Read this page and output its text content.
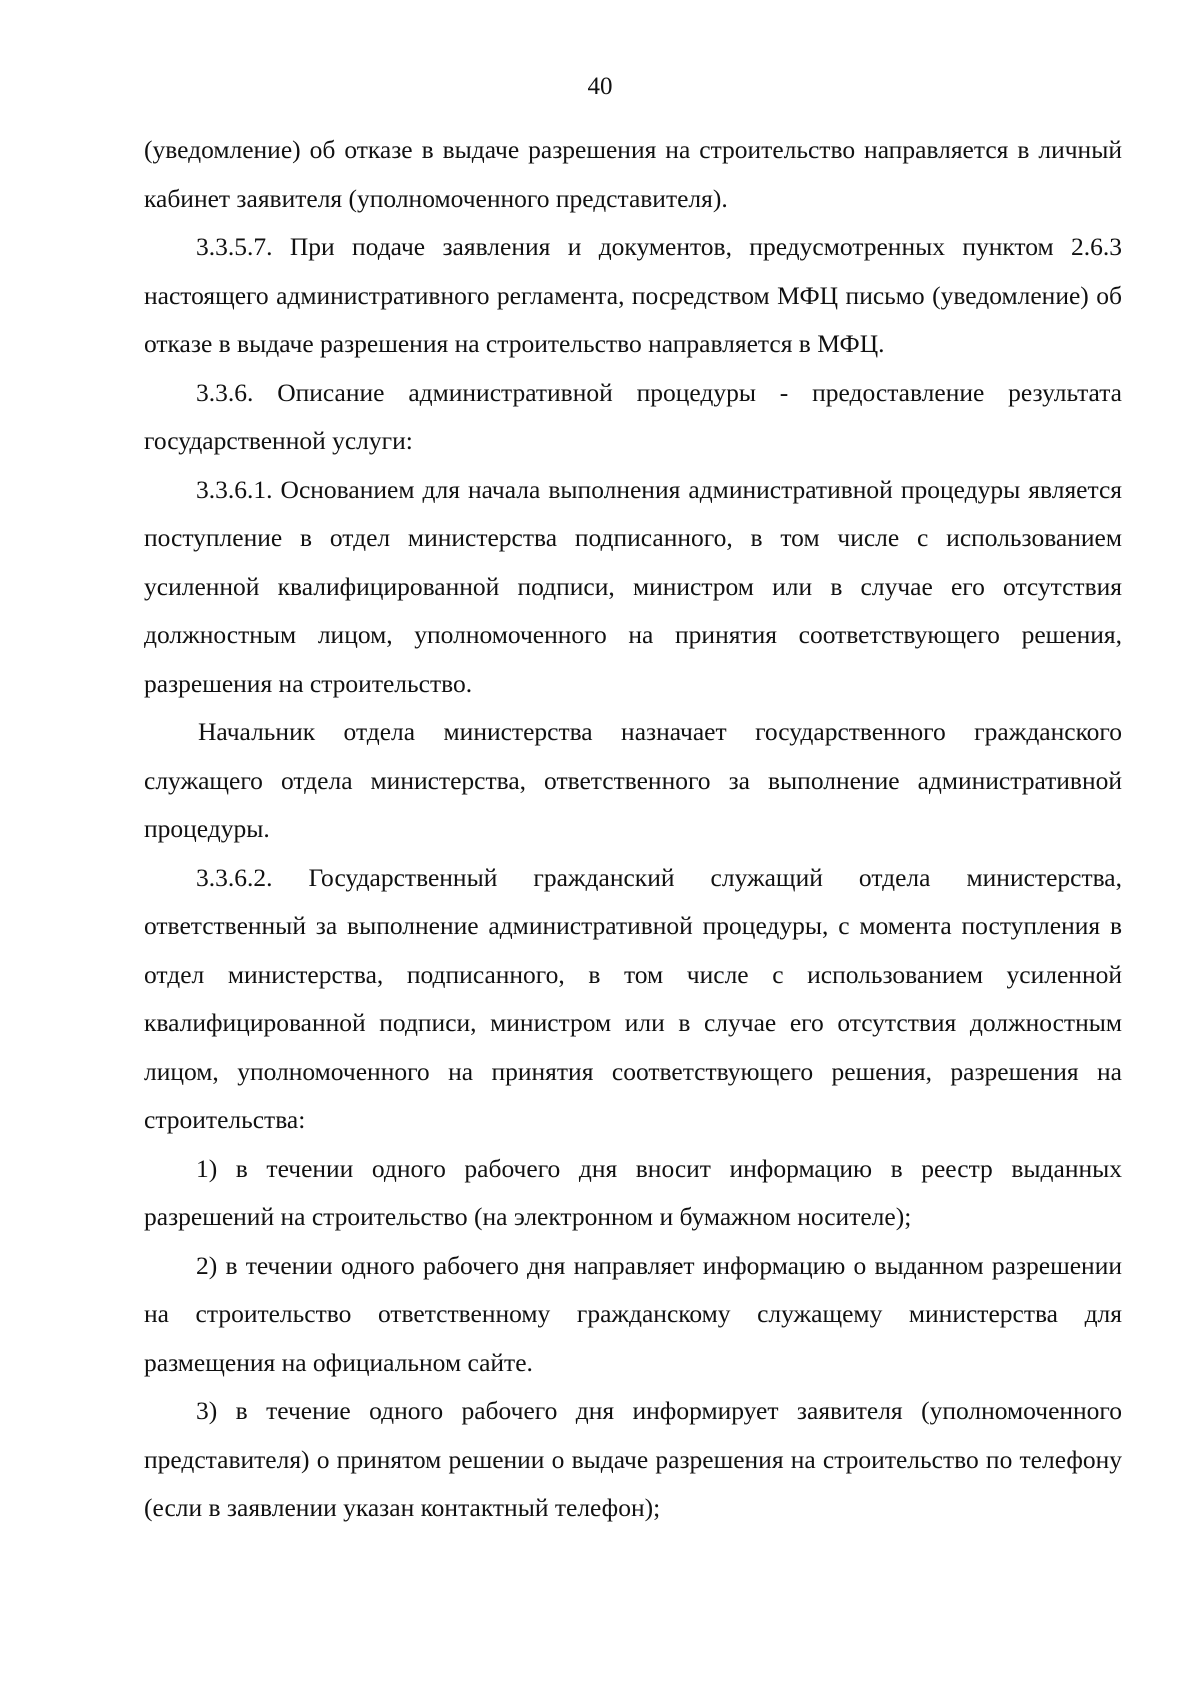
40

(уведомление) об отказе в выдаче разрешения на строительство направляется в личный кабинет заявителя (уполномоченного представителя).

3.3.5.7. При подаче заявления и документов, предусмотренных пунктом 2.6.3 настоящего административного регламента, посредством МФЦ письмо (уведомление) об отказе в выдаче разрешения на строительство направляется в МФЦ.

3.3.6. Описание административной процедуры - предоставление результата государственной услуги:

3.3.6.1. Основанием для начала выполнения административной процедуры является поступление в отдел министерства подписанного, в том числе с использованием усиленной квалифицированной подписи, министром или в случае его отсутствия должностным лицом, уполномоченного на принятия соответствующего решения, разрешения на строительство.

Начальник отдела министерства назначает государственного гражданского служащего отдела министерства, ответственного за выполнение административной процедуры.

3.3.6.2. Государственный гражданский служащий отдела министерства, ответственный за выполнение административной процедуры, с момента поступления в отдел министерства, подписанного, в том числе с использованием усиленной квалифицированной подписи, министром или в случае его отсутствия должностным лицом, уполномоченного на принятия соответствующего решения, разрешения на строительства:

1) в течении одного рабочего дня вносит информацию в реестр выданных разрешений на строительство (на электронном и бумажном носителе);

2) в течении одного рабочего дня направляет информацию о выданном разрешении на строительство ответственному гражданскому служащему министерства для размещения на официальном сайте.

3) в течение одного рабочего дня информирует заявителя (уполномоченного представителя) о принятом решении о выдаче разрешения на строительство по телефону (если в заявлении указан контактный телефон);
